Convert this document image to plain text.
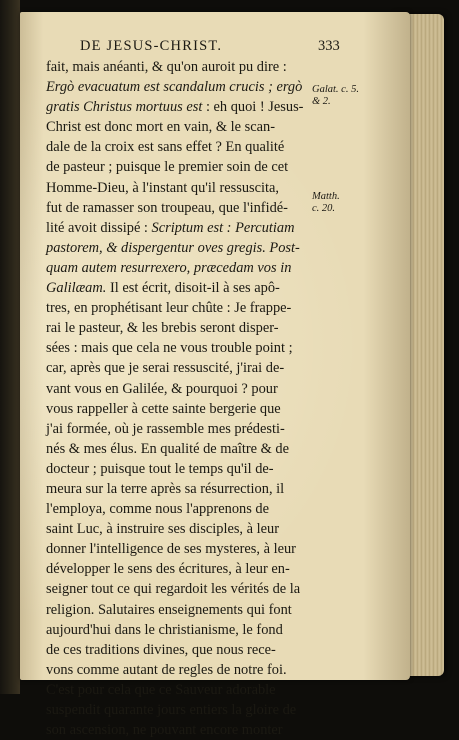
DE JESUS-CHRIST.	333
Galat. c. 5.
& 2.
Matth.
c. 20.
fait, mais anéanti, & qu'on auroit pu dire :
Ergò evacuatum est scandalum crucis ; ergò
gratis Christus mortuus est : eh quoi ! Jesus-
Christ est donc mort en vain, & le scan-
dale de la croix est sans effet ? En qualité
de pasteur ; puisque le premier soin de cet
Homme-Dieu, à l'instant qu'il ressuscita,
fut de ramasser son troupeau, que l'infidé-
lité avoit dissipé : Scriptum est : Percutiam
pastorem, & dispergentur oves gregis. Post-
quam autem resurrexero, præcedam vos in
Galilæam. Il est écrit, disoit-il à ses apô-
tres, en prophétisant leur chûte : Je frappe-
rai le pasteur, & les brebis seront disper-
sées : mais que cela ne vous trouble point ;
car, après que je serai ressuscité, j'irai de-
vant vous en Galilée, & pourquoi ? pour
vous rappeller à cette sainte bergerie que
j'ai formée, où je rassemble mes prédesti-
nés & mes élus. En qualité de maître & de
docteur ; puisque tout le temps qu'il de-
meura sur la terre après sa résurrection, il
l'employa, comme nous l'apprenons de
saint Luc, à instruire ses disciples, à leur
donner l'intelligence de ses mysteres, à leur
développer le sens des écritures, à leur en-
seigner tout ce qui regardoit les vérités de la
religion. Salutaires enseignements qui font
aujourd'hui dans le christianisme, le fond
de ces traditions divines, que nous rece-
vons comme autant de regles de notre foi.
C'est pour cela que ce Sauveur adorable
suspendit quarante jours entiers la gloire de
son ascension, ne pouvant encore monter
